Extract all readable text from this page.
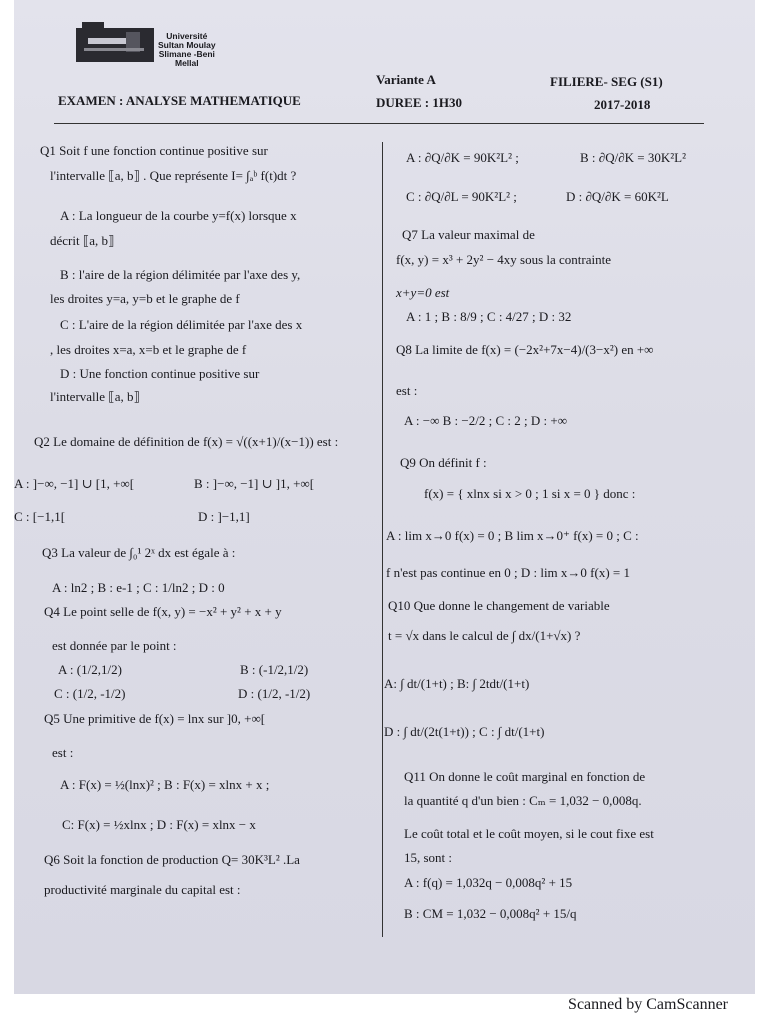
Université
Sultan Moulay
Slimane -Beni
Mellal
Variante A	FILIERE- SEG (S1)
EXAMEN : ANALYSE MATHEMATIQUE	DUREE : 1H30	2017-2018
Q1 Soit f une fonction continue positive sur
l'intervalle ⟦a, b⟧ . Que représente I= ∫ₐᵇ f(t)dt ?
A : La longueur de la courbe y=f(x) lorsque x
décrit ⟦a, b⟧
B : l'aire de la région délimitée par l'axe des y,
les droites y=a, y=b et le graphe de f
C : L'aire de la région délimitée par l'axe des x
, les droites x=a, x=b et le graphe de f
D : Une fonction continue positive sur
l'intervalle ⟦a, b⟧
Q2 Le domaine de définition de f(x) = √((x+1)/(x−1)) est :
A : ]−∞, −1] ∪ [1, +∞[	B : ]−∞, −1] ∪ ]1, +∞[
C : [−1,1[	D : ]−1,1]
Q3 La valeur de ∫₀¹ 2ˣ dx est égale à :
A : ln2 ; B : e-1 ; C : 1/ln2 ; D : 0
Q4 Le point selle de f(x, y) = −x² + y² + x + y
est donnée par le point :
A : (1/2,1/2)	B : (-1/2,1/2)
C : (1/2, -1/2)	D : (1/2, -1/2)
Q5 Une primitive de f(x) = lnx sur ]0, +∞[
est :
A : F(x) = ½(lnx)² ; B : F(x) = xlnx + x ;
C: F(x) = ½xlnx ; D : F(x) = xlnx − x
Q6 Soit la fonction de production Q= 30K³L² .La
productivité marginale du capital est :
A : ∂Q/∂K = 90K²L² ;	B : ∂Q/∂K = 30K²L²
C : ∂Q/∂L = 90K²L² ;	D : ∂Q/∂K = 60K²L
Q7 La valeur maximal de
f(x, y) = x³ + 2y² − 4xy sous la contrainte
x+y=0 est
A : 1 ; B : 8/9 ; C : 4/27 ; D : 32
Q8 La limite de f(x) = (−2x²+7x−4)/(3−x²) en +∞
est :
A : −∞ B : −2/2 ; C : 2 ; D : +∞
Q9 On définit f :
f(x) = { xlnx si x > 0 ; 1 si x = 0 } donc :
A : lim x→0 f(x) = 0 ; B lim x→0⁺ f(x) = 0 ; C :
f n'est pas continue en 0 ; D : lim x→0 f(x) = 1
Q10 Que donne le changement de variable
t = √x dans le calcul de ∫ dx/(1+√x) ?
A: ∫ dt/(1+t) ; B: ∫ 2tdt/(1+t)
D : ∫ dt/(2t(1+t)) ; C : ∫ dt/(1+t)
Q11 On donne le coût marginal en fonction de
la quantité q d'un bien : Cₘ = 1,032 − 0,008q.
Le coût total et le coût moyen, si le cout fixe est
15, sont :
A : f(q) = 1,032q − 0,008q² + 15
B : CM = 1,032 − 0,008q² + 15/q
Scanned by CamScanner
